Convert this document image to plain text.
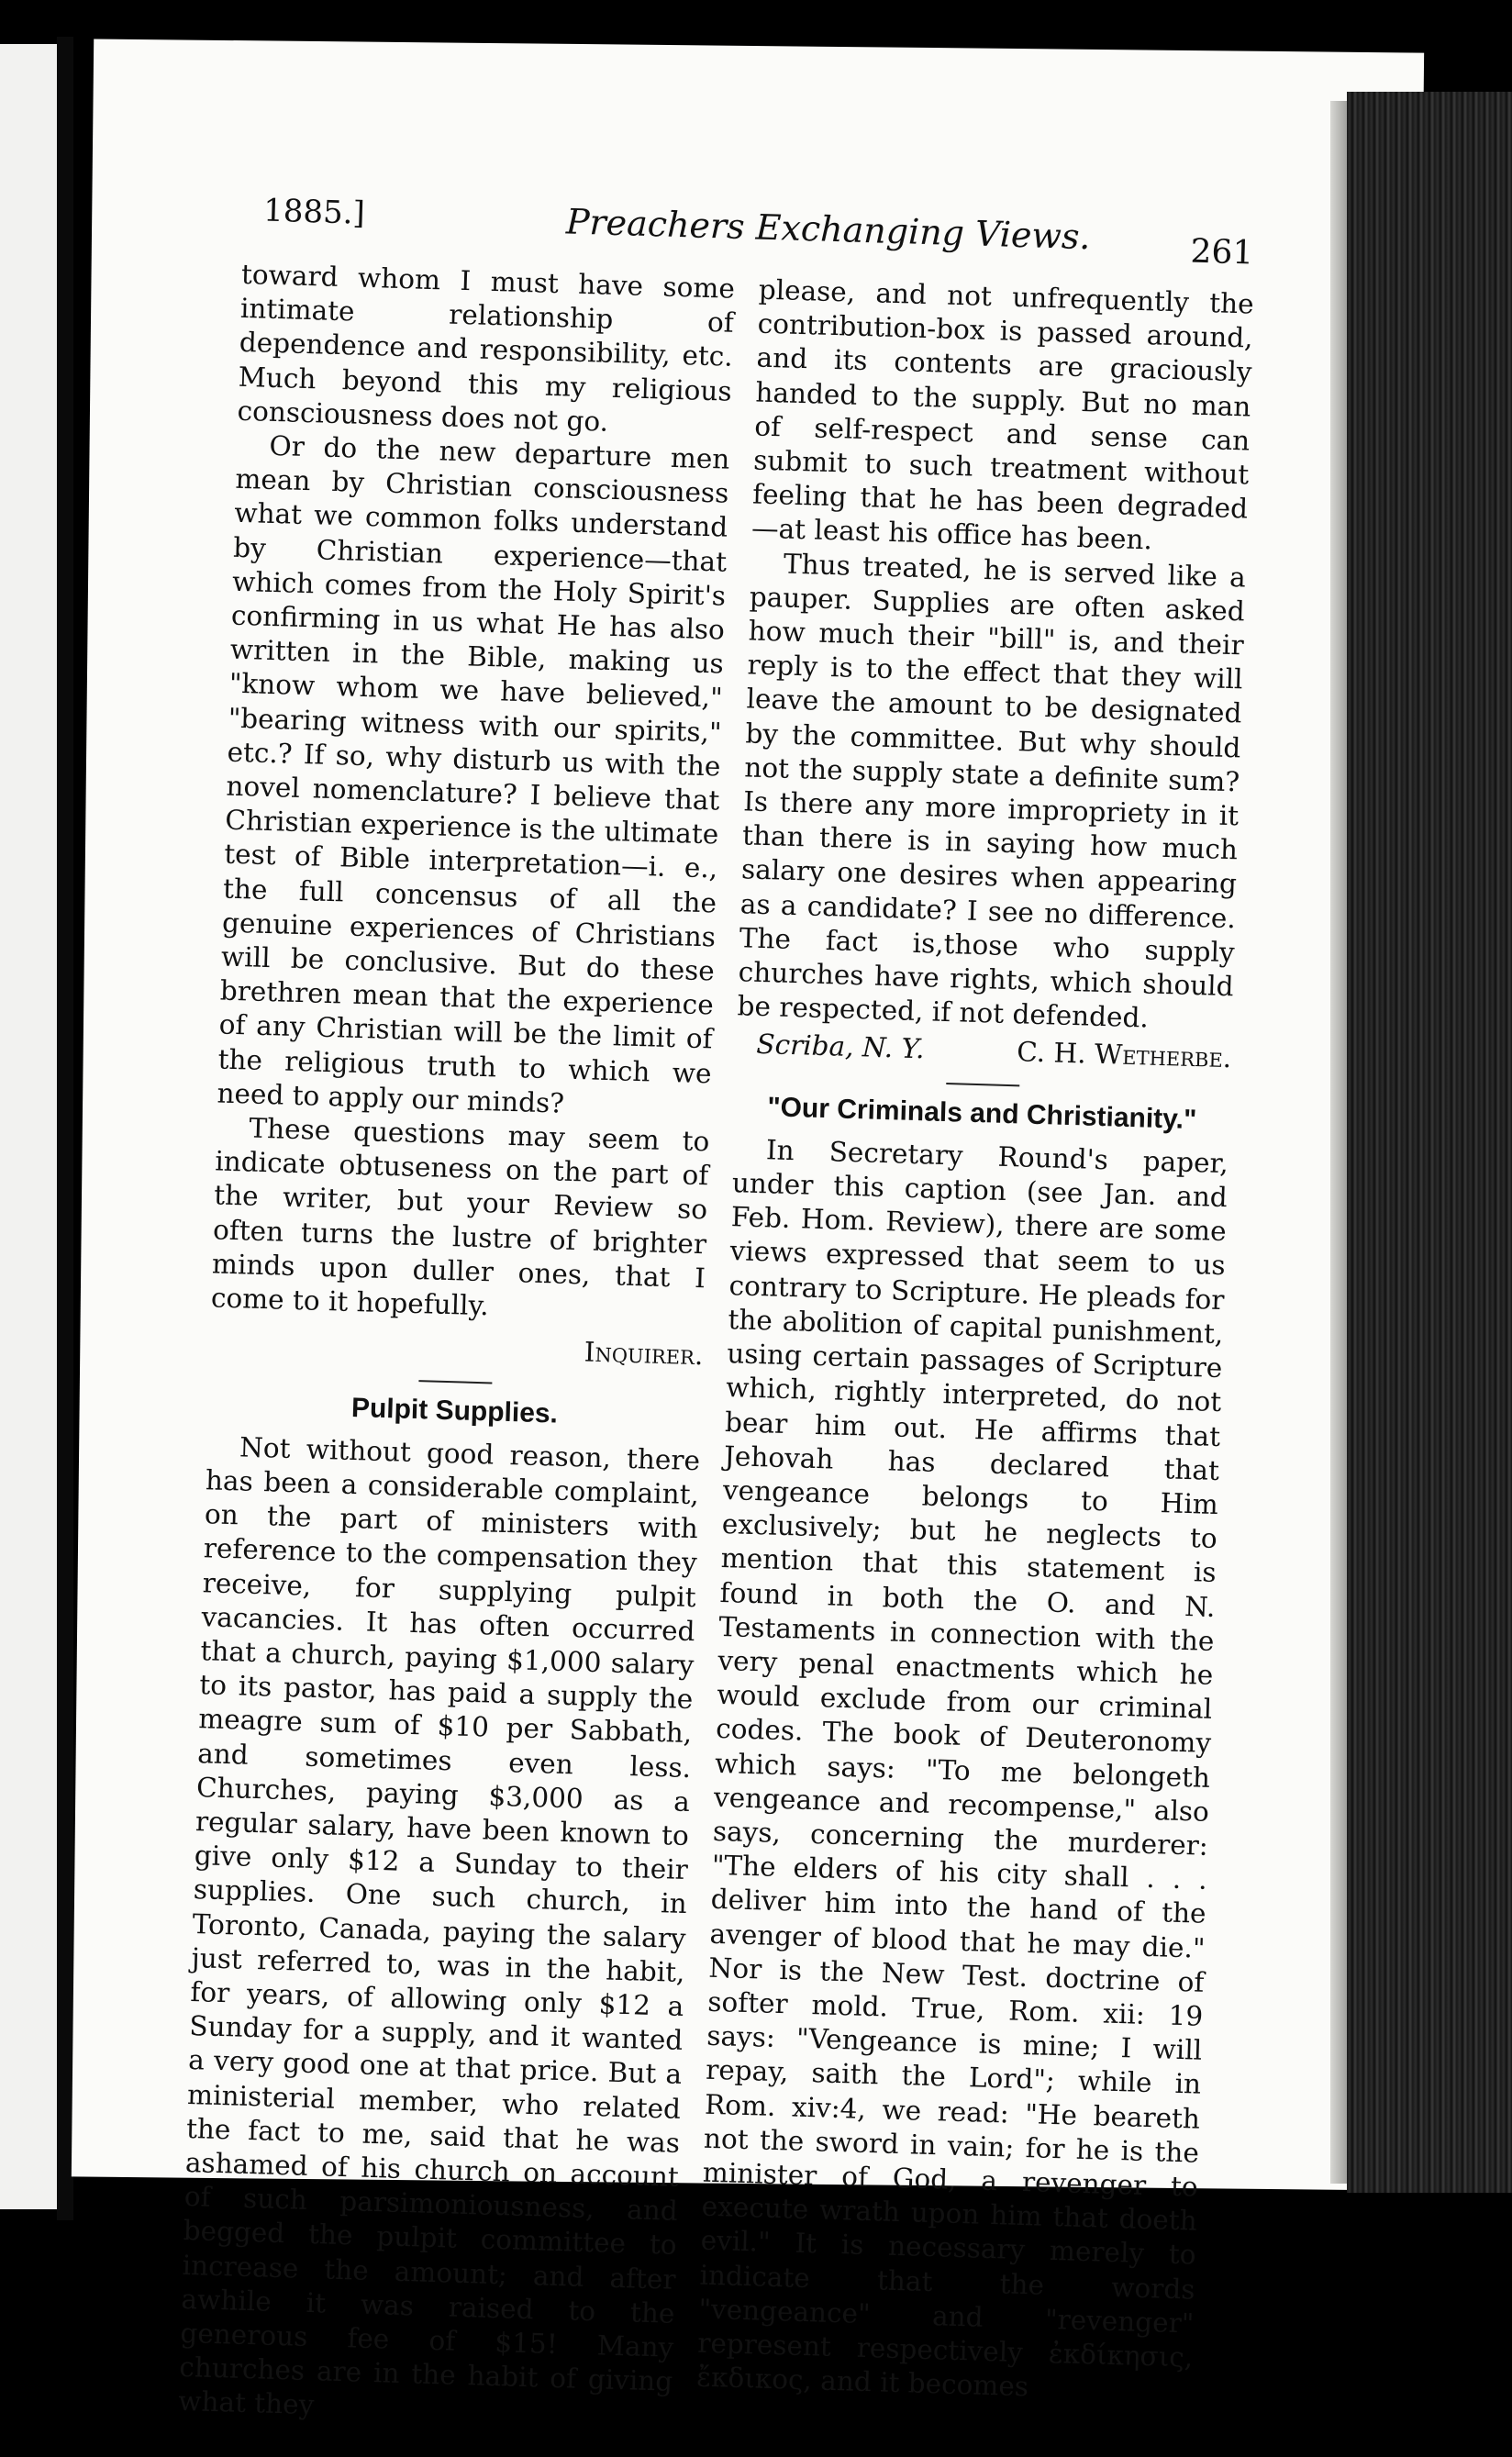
1885.]	Preachers Exchanging Views.	261

toward whom I must have some intimate relationship of dependence and responsibility, etc. Much beyond this my religious consciousness does not go.

Or do the new departure men mean by Christian consciousness what we common folks understand by Christian experience—that which comes from the Holy Spirit's confirming in us what He has also written in the Bible, making us "know whom we have believed," "bearing witness with our spirits," etc.? If so, why disturb us with the novel nomenclature? I believe that Christian experience is the ultimate test of Bible interpretation—i. e., the full concensus of all the genuine experiences of Christians will be conclusive. But do these brethren mean that the experience of any Christian will be the limit of the religious truth to which we need to apply our minds?

These questions may seem to indicate obtuseness on the part of the writer, but your Review so often turns the lustre of brighter minds upon duller ones, that I come to it hopefully.

Inquirer.

Pulpit Supplies.

Not without good reason, there has been a considerable complaint, on the part of ministers with reference to the compensation they receive, for supplying pulpit vacancies. It has often occurred that a church, paying $1,000 salary to its pastor, has paid a supply the meagre sum of $10 per Sabbath, and sometimes even less. Churches, paying $3,000 as a regular salary, have been known to give only $12 a Sunday to their supplies. One such church, in Toronto, Canada, paying the salary just referred to, was in the habit, for years, of allowing only $12 a Sunday for a supply, and it wanted a very good one at that price. But a ministerial member, who related the fact to me, said that he was ashamed of his church on account of such parsimoniousness, and begged the pulpit committee to increase the amount; and after awhile it was raised to the generous fee of $15! Many churches are in the habit of giving what they

please, and not unfrequently the contribution-box is passed around, and its contents are graciously handed to the supply. But no man of self-respect and sense can submit to such treatment without feeling that he has been degraded—at least his office has been.

Thus treated, he is served like a pauper. Supplies are often asked how much their "bill" is, and their reply is to the effect that they will leave the amount to be designated by the committee. But why should not the supply state a definite sum? Is there any more impropriety in it than there is in saying how much salary one desires when appearing as a candidate? I see no difference. The fact is,those who supply churches have rights, which should be respected, if not defended.

Scriba, N. Y.	C. H. Wetherbe.

"Our Criminals and Christianity."

In Secretary Round's paper, under this caption (see Jan. and Feb. Hom. Review), there are some views expressed that seem to us contrary to Scripture. He pleads for the abolition of capital punishment, using certain passages of Scripture which, rightly interpreted, do not bear him out. He affirms that Jehovah has declared that vengeance belongs to Him exclusively; but he neglects to mention that this statement is found in both the O. and N. Testaments in connection with the very penal enactments which he would exclude from our criminal codes. The book of Deuteronomy which says: "To me belongeth vengeance and recompense," also says, concerning the murderer: "The elders of his city shall . . . deliver him into the hand of the avenger of blood that he may die." Nor is the New Test. doctrine of softer mold. True, Rom. xii: 19 says: "Vengeance is mine; I will repay, saith the Lord"; while in Rom. xiv:4, we read: "He beareth not the sword in vain; for he is the minister of God, a revenger to execute wrath upon him that doeth evil." It is necessary merely to indicate that the words "vengeance" and "revenger" represent respectively ἐκδίκησις, ἔκδικος, and it becomes
